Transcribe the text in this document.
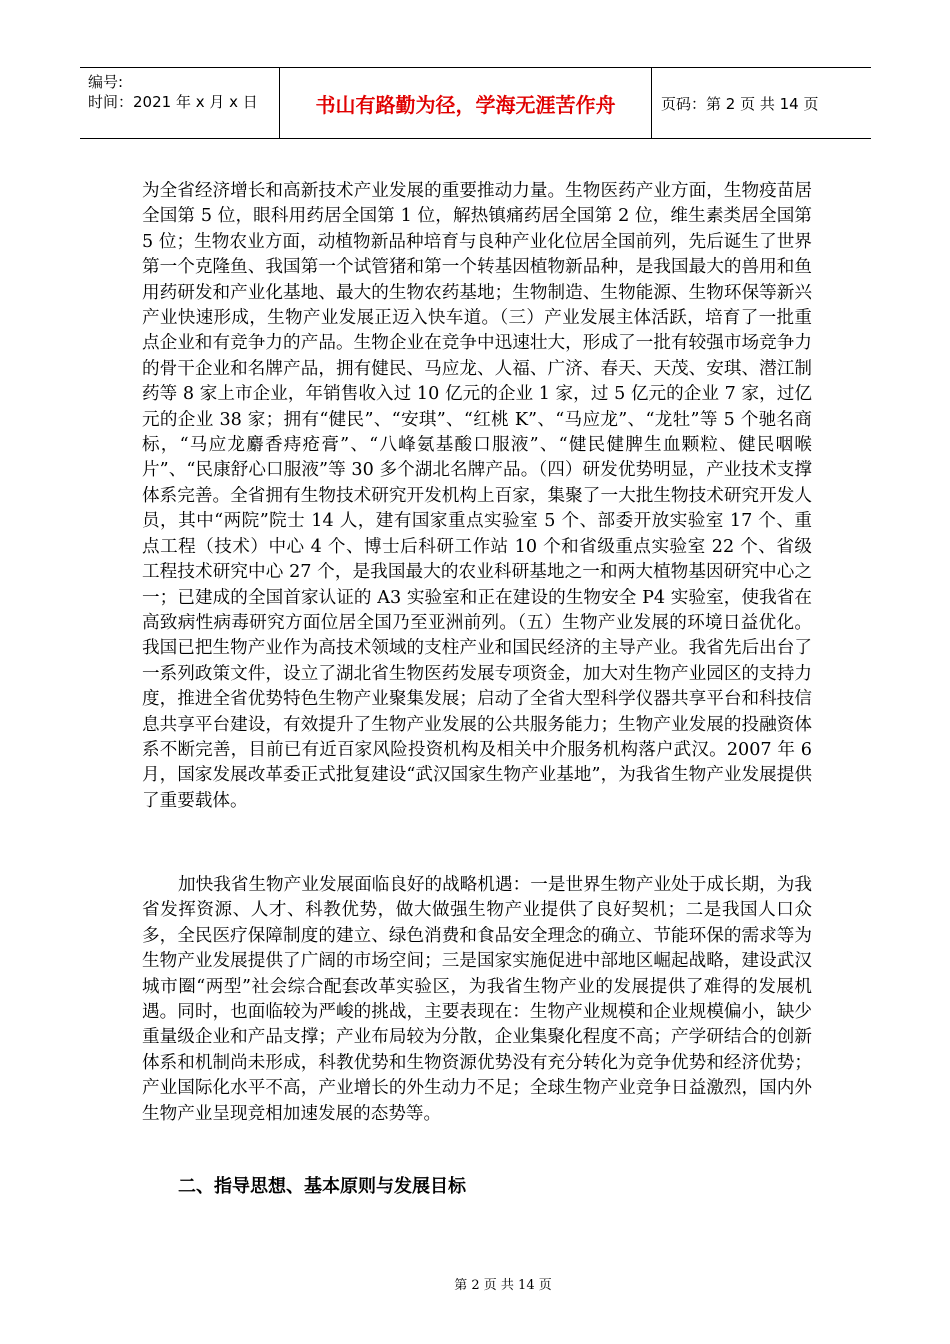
编号:
时间：2021 年 x 月 x 日	书山有路勤为径，学海无涯苦作舟	页码：第 2 页 共 14 页

为全省经济增长和高新技术产业发展的重要推动力量。生物医药产业方面，生物疫苗居全国第 5 位，眼科用药居全国第 1 位，解热镇痛药居全国第 2 位，维生素类居全国第 5 位；生物农业方面，动植物新品种培育与良种产业化位居全国前列，先后诞生了世界第一个克隆鱼、我国第一个试管猪和第一个转基因植物新品种，是我国最大的兽用和鱼用药研发和产业化基地、最大的生物农药基地；生物制造、生物能源、生物环保等新兴产业快速形成，生物产业发展正迈入快车道。（三）产业发展主体活跃，培育了一批重点企业和有竞争力的产品。生物企业在竞争中迅速壮大，形成了一批有较强市场竞争力的骨干企业和名牌产品，拥有健民、马应龙、人福、广济、春天、天茂、安琪、潜江制药等 8 家上市企业，年销售收入过 10 亿元的企业 1 家，过 5 亿元的企业 7 家，过亿元的企业 38 家；拥有“健民”、“安琪”、“红桃 K”、“马应龙”、“龙牡”等 5 个驰名商标，“马应龙麝香痔疮膏”、“八峰氨基酸口服液”、“健民健脾生血颗粒、健民咽喉片”、“民康舒心口服液”等 30 多个湖北名牌产品。（四）研发优势明显，产业技术支撑体系完善。全省拥有生物技术研究开发机构上百家，集聚了一大批生物技术研究开发人员，其中“两院”院士 14 人，建有国家重点实验室 5 个、部委开放实验室 17 个、重点工程（技术）中心 4 个、博士后科研工作站 10 个和省级重点实验室 22 个、省级工程技术研究中心 27 个，是我国最大的农业科研基地之一和两大植物基因研究中心之一；已建成的全国首家认证的 A3 实验室和正在建设的生物安全 P4 实验室，使我省在高致病性病毒研究方面位居全国乃至亚洲前列。（五）生物产业发展的环境日益优化。我国已把生物产业作为高技术领域的支柱产业和国民经济的主导产业。我省先后出台了一系列政策文件，设立了湖北省生物医药发展专项资金，加大对生物产业园区的支持力度，推进全省优势特色生物产业聚集发展；启动了全省大型科学仪器共享平台和科技信息共享平台建设，有效提升了生物产业发展的公共服务能力；生物产业发展的投融资体系不断完善，目前已有近百家风险投资机构及相关中介服务机构落户武汉。2007 年 6 月，国家发展改革委正式批复建设“武汉国家生物产业基地”，为我省生物产业发展提供了重要载体。

加快我省生物产业发展面临良好的战略机遇：一是世界生物产业处于成长期，为我省发挥资源、人才、科教优势，做大做强生物产业提供了良好契机；二是我国人口众多，全民医疗保障制度的建立、绿色消费和食品安全理念的确立、节能环保的需求等为生物产业发展提供了广阔的市场空间；三是国家实施促进中部地区崛起战略，建设武汉城市圈“两型”社会综合配套改革实验区，为我省生物产业的发展提供了难得的发展机遇。同时，也面临较为严峻的挑战，主要表现在：生物产业规模和企业规模偏小，缺少重量级企业和产品支撑；产业布局较为分散，企业集聚化程度不高；产学研结合的创新体系和机制尚未形成，科教优势和生物资源优势没有充分转化为竞争优势和经济优势；产业国际化水平不高，产业增长的外生动力不足；全球生物产业竞争日益激烈，国内外生物产业呈现竞相加速发展的态势等。

二、指导思想、基本原则与发展目标
第 2 页 共 14 页
